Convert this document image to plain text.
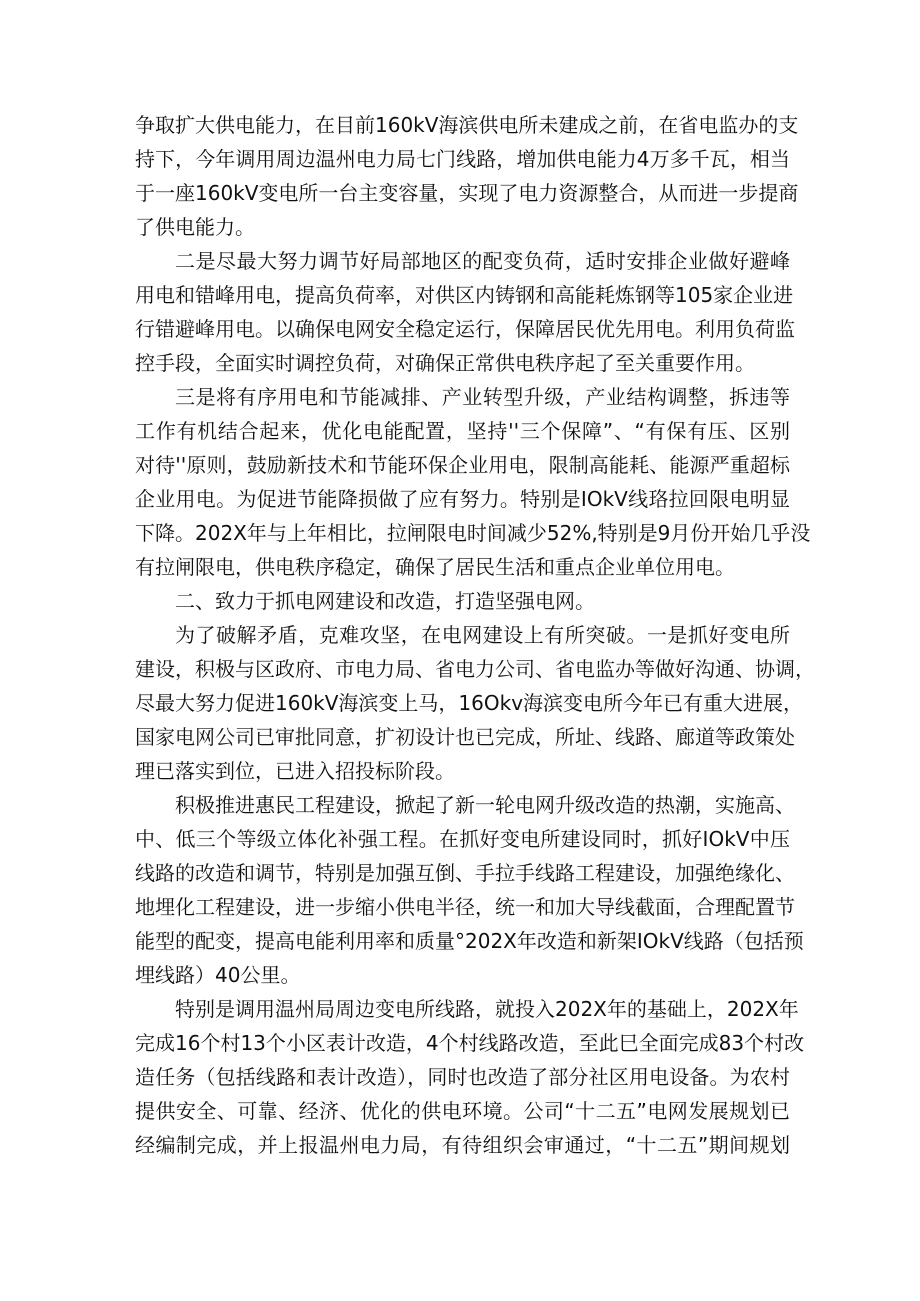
争取扩大供电能力，在目前160kV海滨供电所未建成之前，在省电监办的支
持下，今年调用周边温州电力局七门线路，增加供电能力4万多千瓦，相当
于一座160kV变电所一台主变容量，实现了电力资源整合，从而进一步提商
了供电能力。
二是尽最大努力调节好局部地区的配变负荷，适时安排企业做好避峰
用电和错峰用电，提高负荷率，对供区内铸钢和高能耗炼钢等105家企业进
行错避峰用电。以确保电网安全稳定运行，保障居民优先用电。利用负荷监
控手段，全面实时调控负荷，对确保正常供电秩序起了至关重要作用。
三是将有序用电和节能减排、产业转型升级，产业结构调整，拆违等
工作有机结合起来，优化电能配置，坚持''三个保障”、“有保有压、区别
对待''原则，鼓励新技术和节能环保企业用电，限制高能耗、能源严重超标
企业用电。为促进节能降损做了应有努力。特别是IOkV线珞拉回限电明显
下降。202X年与上年相比，拉闸限电时间减少52%,特别是9月份开始几乎没
有拉闸限电，供电秩序稳定，确保了居民生活和重点企业单位用电。
二、致力于抓电网建设和改造，打造坚强电网。
为了破解矛盾，克难攻坚，在电网建设上有所突破。一是抓好变电所
建设，积极与区政府、市电力局、省电力公司、省电监办等做好沟通、协调，
尽最大努力促进160kV海滨变上马，16Okv海滨变电所今年已有重大进展，
国家电网公司已审批同意，扩初设计也已完成，所址、线路、廊道等政策处
理已落实到位，已进入招投标阶段。
积极推进惠民工程建设，掀起了新一轮电网升级改造的热潮，实施高、
中、低三个等级立体化补强工程。在抓好变电所建设同时，抓好IOkV中压
线路的改造和调节，特别是加强互倒、手拉手线路工程建设，加强绝缘化、
地埋化工程建设，进一步缩小供电半径，统一和加大导线截面，合理配置节
能型的配变，提高电能利用率和质量°202X年改造和新架IOkV线路（包括预
埋线路）40公里。
特别是调用温州局周边变电所线路，就投入202X年的基础上，202X年
完成16个村13个小区表计改造，4个村线路改造，至此巳全面完成83个村改
造任务（包括线路和表计改造），同时也改造了部分社区用电设备。为农村
提供安全、可靠、经济、优化的供电环境。公司“十二五”电网发展规划已
经编制完成，并上报温州电力局，有待组织会审通过，“十二五”期间规划
